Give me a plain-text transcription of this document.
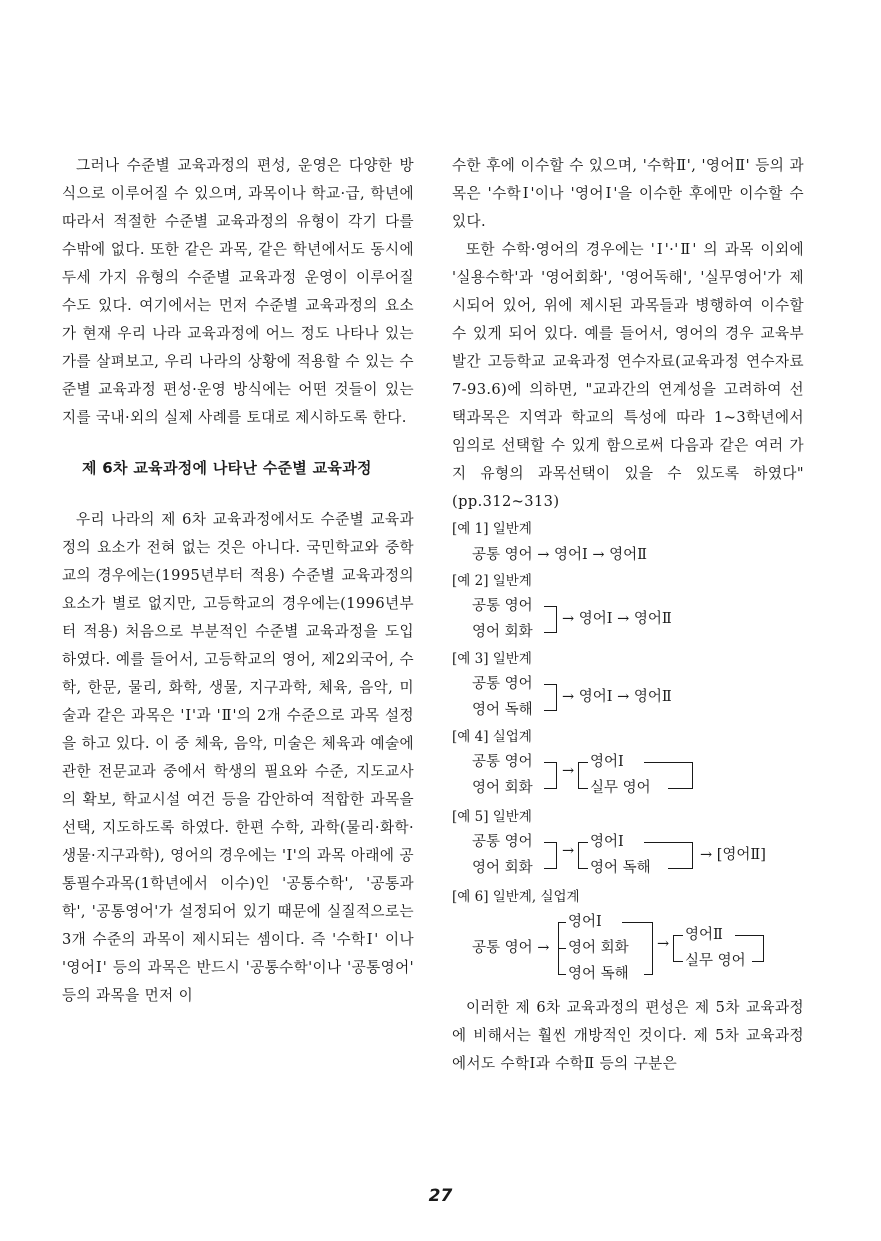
그러나 수준별 교육과정의 편성, 운영은 다양한 방식으로 이루어질 수 있으며, 과목이나 학교·급, 학년에 따라서 적절한 수준별 교육과정의 유형이 각기 다를 수밖에 없다. 또한 같은 과목, 같은 학년에서도 동시에 두세 가지 유형의 수준별 교육과정 운영이 이루어질 수도 있다. 여기에서는 먼저 수준별 교육과정의 요소가 현재 우리 나라 교육과정에 어느 정도 나타나 있는가를 살펴보고, 우리 나라의 상황에 적용할 수 있는 수준별 교육과정 편성·운영 방식에는 어떤 것들이 있는지를 국내·외의 실제 사례를 토대로 제시하도록 한다.

제 6차 교육과정에 나타난 수준별 교육과정

우리 나라의 제 6차 교육과정에서도 수준별 교육과정의 요소가 전혀 없는 것은 아니다. 국민학교와 중학교의 경우에는(1995년부터 적용) 수준별 교육과정의 요소가 별로 없지만, 고등학교의 경우에는(1996년부터 적용) 처음으로 부분적인 수준별 교육과정을 도입하였다. 예를 들어서, 고등학교의 영어, 제2외국어, 수학, 한문, 물리, 화학, 생물, 지구과학, 체육, 음악, 미술과 같은 과목은 'Ⅰ'과 'Ⅱ'의 2개 수준으로 과목 설정을 하고 있다. 이 중 체육, 음악, 미술은 체육과 예술에 관한 전문교과 중에서 학생의 필요와 수준, 지도교사의 확보, 학교시설 여건 등을 감안하여 적합한 과목을 선택, 지도하도록 하였다. 한편 수학, 과학(물리·화학·생물·지구과학), 영어의 경우에는 'Ⅰ'의 과목 아래에 공통필수과목(1학년에서 이수)인 '공통수학', '공통과학', '공통영어'가 설정되어 있기 때문에 실질적으로는 3개 수준의 과목이 제시되는 셈이다. 즉 '수학Ⅰ' 이나 '영어Ⅰ' 등의 과목은 반드시 '공통수학'이나 '공통영어' 등의 과목을 먼저 이

수한 후에 이수할 수 있으며, '수학Ⅱ', '영어Ⅱ' 등의 과목은 '수학Ⅰ'이나 '영어Ⅰ'을 이수한 후에만 이수할 수 있다.

또한 수학·영어의 경우에는 'Ⅰ'·'Ⅱ' 의 과목 이외에 '실용수학'과 '영어회화', '영어독해', '실무영어'가 제시되어 있어, 위에 제시된 과목들과 병행하여 이수할 수 있게 되어 있다. 예를 들어서, 영어의 경우 교육부 발간 고등학교 교육과정 연수자료(교육과정 연수자료 7-93.6)에 의하면, "교과간의 연계성을 고려하여 선택과목은 지역과 학교의 특성에 따라 1~3학년에서 임의로 선택할 수 있게 함으로써 다음과 같은 여러 가지 유형의 과목선택이 있을 수 있도록 하였다" (pp.312~313)

[예 1] 일반계

공통 영어 → 영어Ⅰ → 영어Ⅱ

[예 2] 일반계

공통 영어
영어 회화
→ 영어Ⅰ → 영어Ⅱ

[예 3] 일반계

공통 영어
영어 독해
→ 영어Ⅰ → 영어Ⅱ

[예 4] 실업계

공통 영어
영어 회화
→
영어Ⅰ
실무 영어

[예 5] 일반계

공통 영어
영어 회화
→
영어Ⅰ
영어 독해
→ [영어Ⅱ]

[예 6] 일반계, 실업계

공통 영어 →
영어Ⅰ
영어 회화
영어 독해
→
영어Ⅱ
실무 영어

이러한 제 6차 교육과정의 편성은 제 5차 교육과정에 비해서는 훨씬 개방적인 것이다. 제 5차 교육과정에서도 수학Ⅰ과 수학Ⅱ 등의 구분은

27
